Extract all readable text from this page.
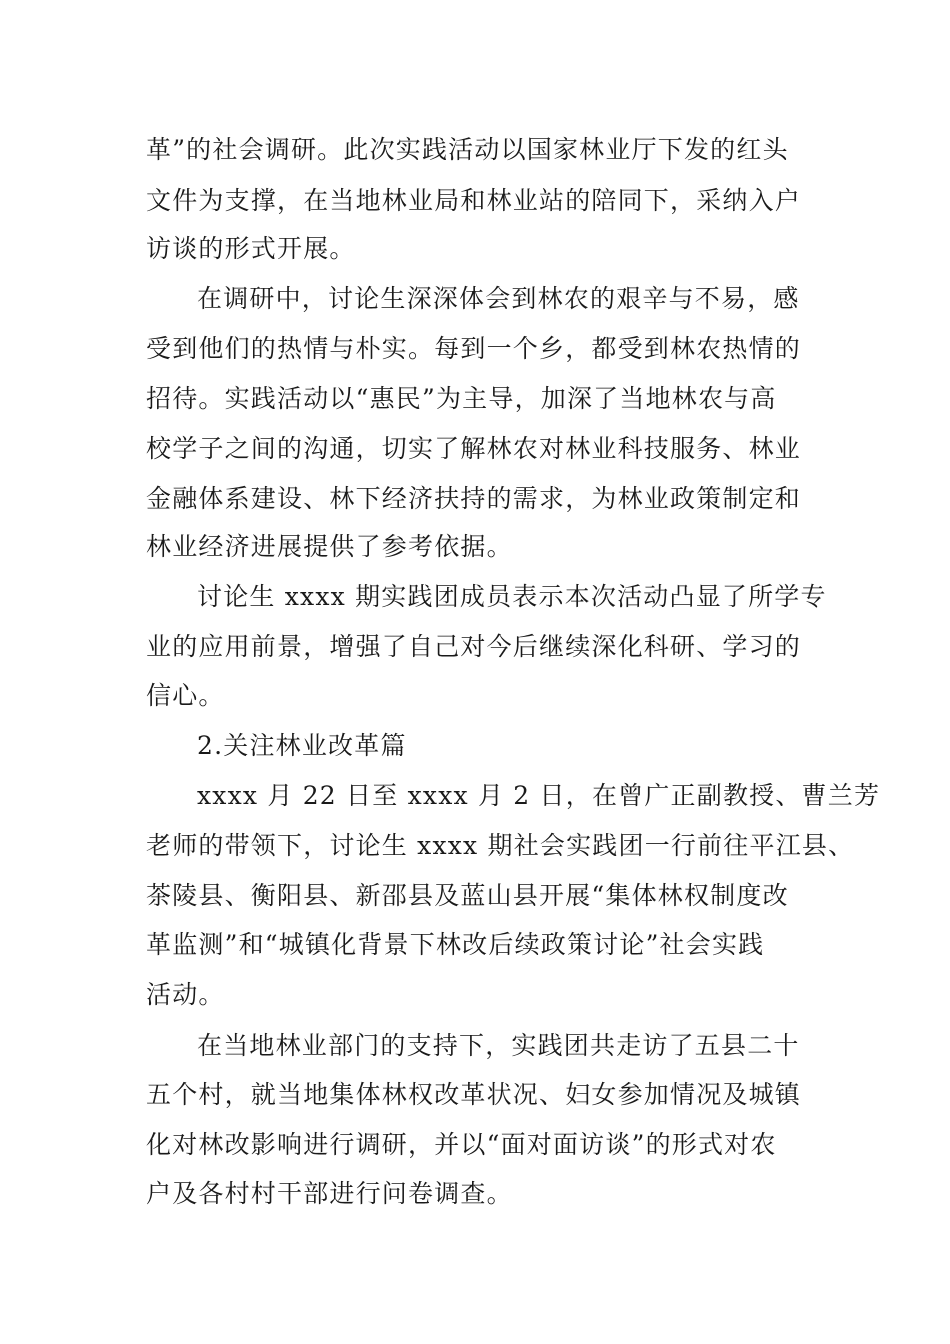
革”的社会调研。此次实践活动以国家林业厅下发的红头
文件为支撑，在当地林业局和林业站的陪同下，采纳入户
访谈的形式开展。
在调研中，讨论生深深体会到林农的艰辛与不易，感
受到他们的热情与朴实。每到一个乡，都受到林农热情的
招待。实践活动以“惠民”为主导，加深了当地林农与高
校学子之间的沟通，切实了解林农对林业科技服务、林业
金融体系建设、林下经济扶持的需求，为林业政策制定和
林业经济进展提供了参考依据。
讨论生 xxxx 期实践团成员表示本次活动凸显了所学专
业的应用前景，增强了自己对今后继续深化科研、学习的
信心。
2.关注林业改革篇
xxxx 月 22 日至 xxxx 月 2 日，在曾广正副教授、曹兰芳
老师的带领下，讨论生 xxxx 期社会实践团一行前往平江县、
茶陵县、衡阳县、新邵县及蓝山县开展“集体林权制度改
革监测”和“城镇化背景下林改后续政策讨论”社会实践
活动。
在当地林业部门的支持下，实践团共走访了五县二十
五个村，就当地集体林权改革状况、妇女参加情况及城镇
化对林改影响进行调研，并以“面对面访谈”的形式对农
户及各村村干部进行问卷调查。
